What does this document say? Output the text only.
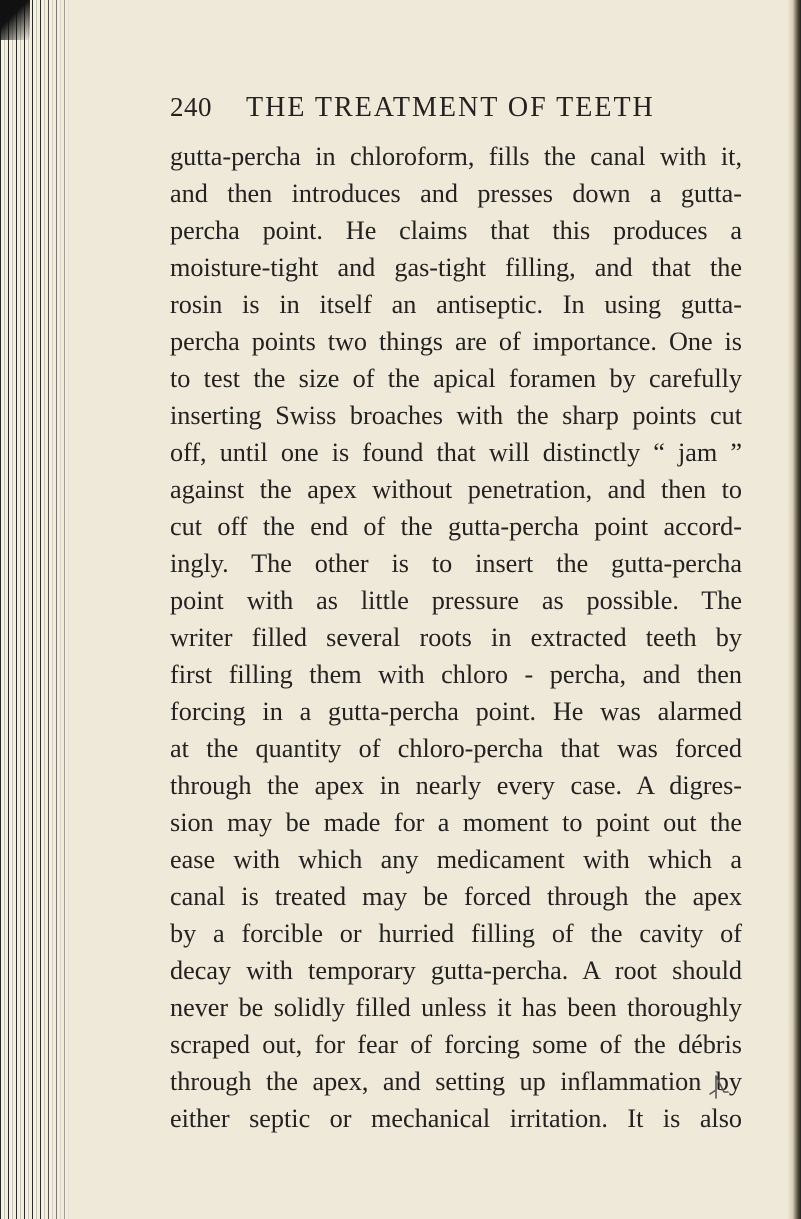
240 THE TREATMENT OF TEETH
gutta-percha in chloroform, fills the canal with it,
and then introduces and presses down a gutta-
percha point. He claims that this produces a
moisture-tight and gas-tight filling, and that the
rosin is in itself an antiseptic. In using gutta-
percha points two things are of importance. One is
to test the size of the apical foramen by carefully
inserting Swiss broaches with the sharp points cut
off, until one is found that will distinctly “ jam ”
against the apex without penetration, and then to
cut off the end of the gutta-percha point accord-
ingly. The other is to insert the gutta-percha
point with as little pressure as possible. The
writer filled several roots in extracted teeth by
first filling them with chloro - percha, and then
forcing in a gutta-percha point. He was alarmed
at the quantity of chloro-percha that was forced
through the apex in nearly every case. A digres-
sion may be made for a moment to point out the
ease with which any medicament with which a
canal is treated may be forced through the apex
by a forcible or hurried filling of the cavity of
decay with temporary gutta-percha. A root should
never be solidly filled unless it has been thoroughly
scraped out, for fear of forcing some of the débris
through the apex, and setting up inflammation by
either septic or mechanical irritation. It is also
